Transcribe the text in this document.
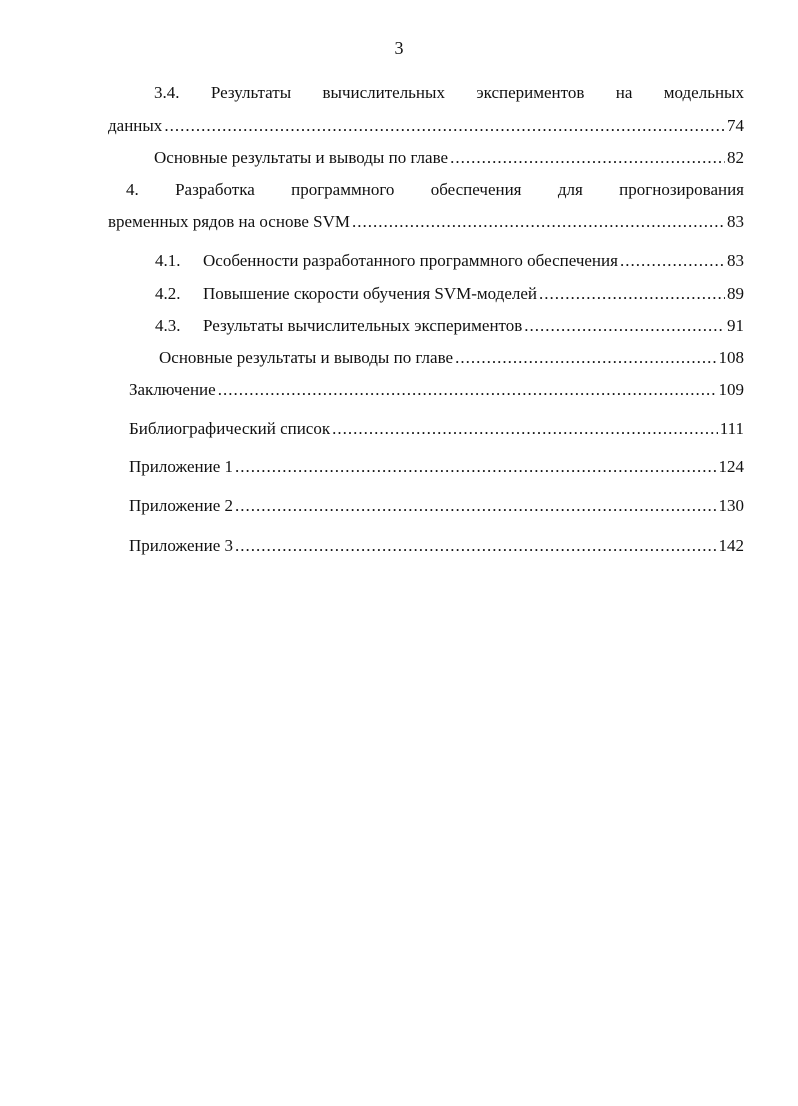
3
3.4. Результаты вычислительных экспериментов на модельных
данных .....	74
Основные результаты и выводы по главе .....	82
4. Разработка программного обеспечения для прогнозирования
временных рядов на основе SVM .....	83
4.1.	Особенности разработанного программного обеспечения .....	83
4.2.	Повышение скорости обучения SVM-моделей .....	89
4.3.	Результаты вычислительных экспериментов .....	91
Основные результаты и выводы по главе .....	108
Заключение .....	109
Библиографический список .....	111
Приложение 1 .....	124
Приложение 2 .....	130
Приложение 3 .....	142
